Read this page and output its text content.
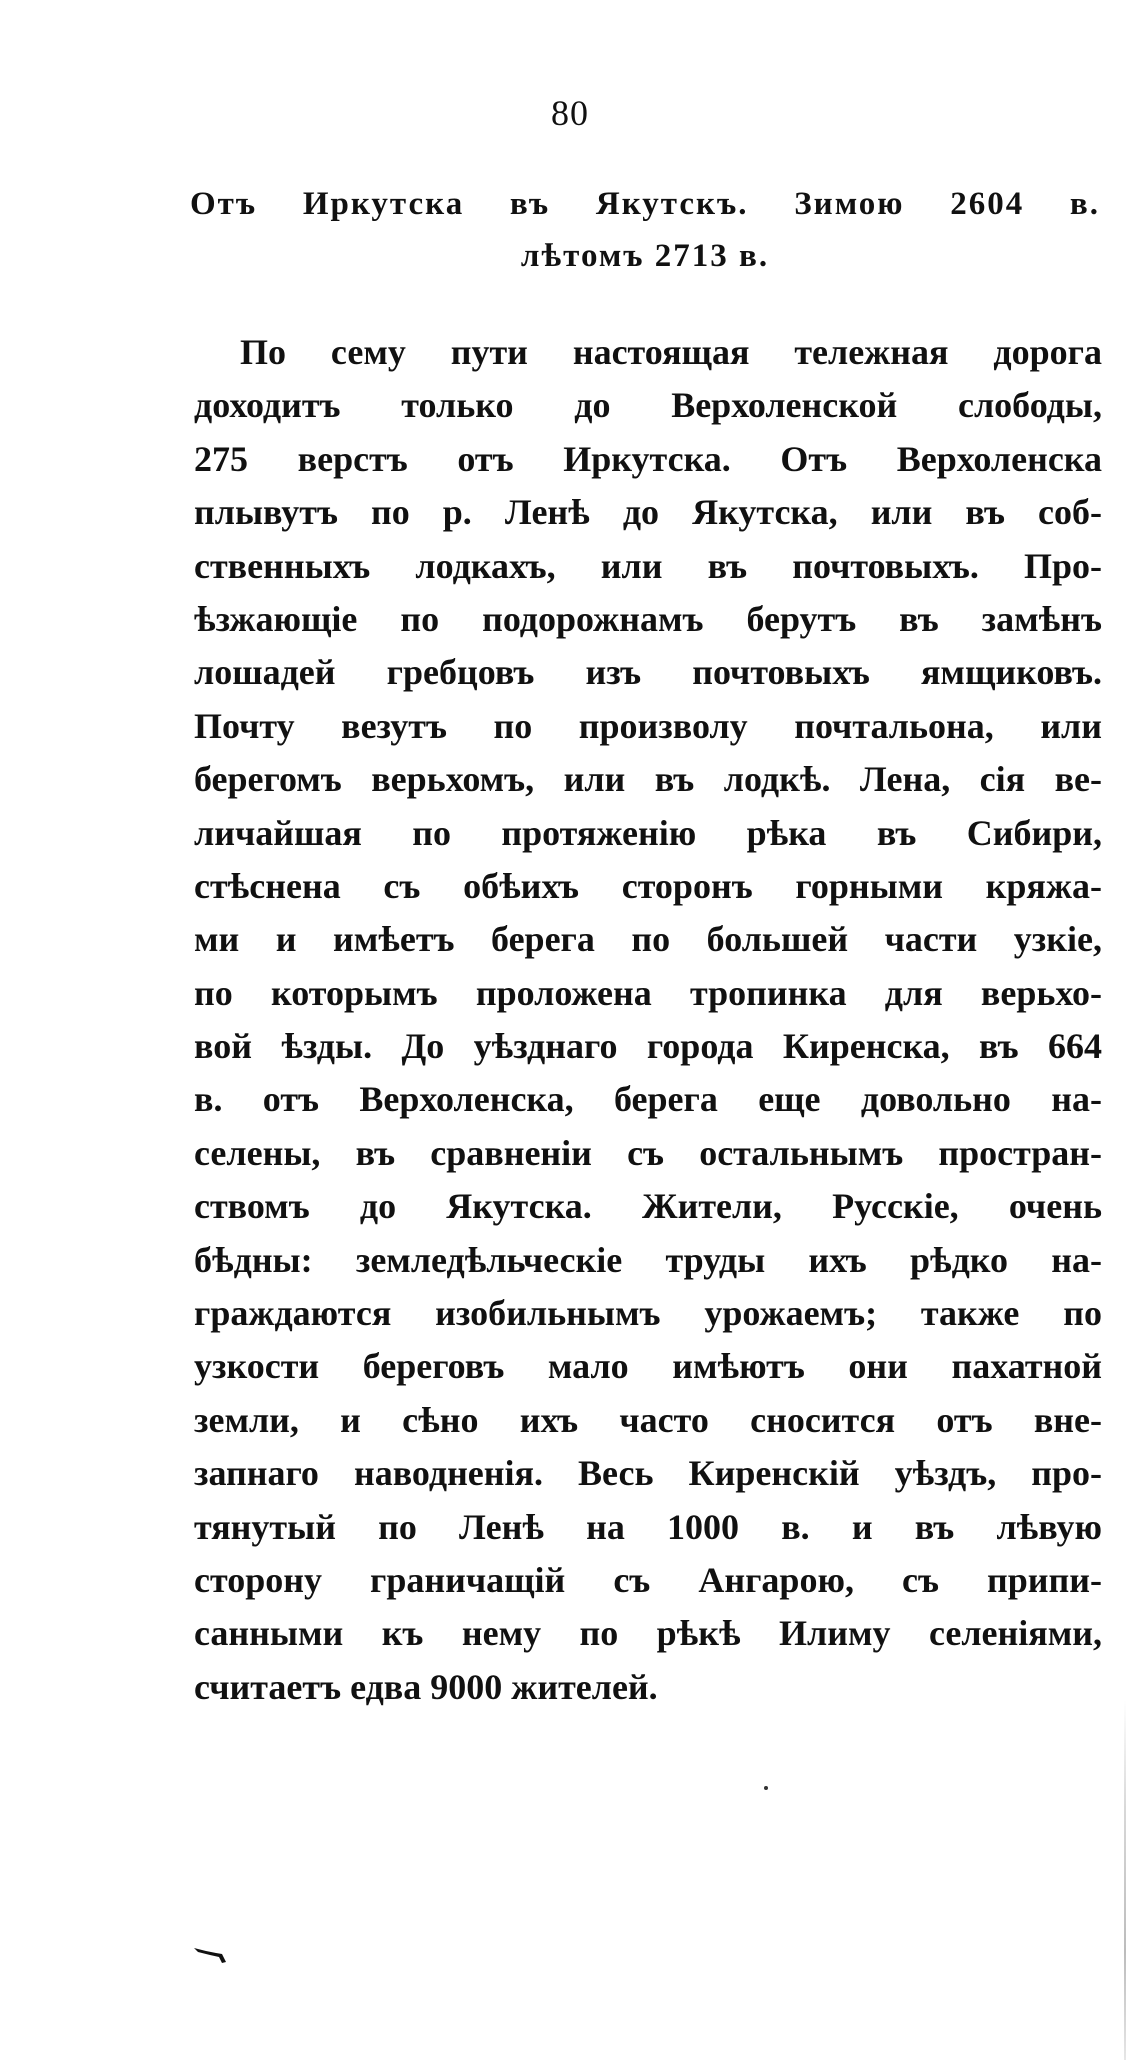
80
Отъ Иркутска въ Якутскъ. Зимою 2604 в.
лѣтомъ 2713 в.
По сему пути настоящая тележная дорога
доходитъ только до Верхоленской слободы,
275 верстъ отъ Иркутска. Отъ Верхоленска
плывутъ по р. Ленѣ до Якутска, или въ соб-
ственныхъ лодкахъ, или въ почтовыхъ. Про-
ѣзжающіе по подорожнамъ берутъ въ замѣнъ
лошадей гребцовъ изъ почтовыхъ ямщиковъ.
Почту везутъ по произволу почтальона, или
берегомъ верьхомъ, или въ лодкѣ. Лена, сія ве-
личайшая по протяженію рѣка въ Сибири,
стѣснена съ обѣихъ сторонъ горными кряжа-
ми и имѣетъ берега по большей части узкіе,
по которымъ проложена тропинка для верьхо-
вой ѣзды. До уѣзднаго города Киренска, въ 664
в. отъ Верхоленска, берега еще довольно на-
селены, въ сравненіи съ остальнымъ простран-
ствомъ до Якутска. Жители, Русскіе, очень
бѣдны: земледѣльческіе труды ихъ рѣдко на-
граждаются изобильнымъ урожаемъ; также по
узкости береговъ мало имѣютъ они пахатной
земли, и сѣно ихъ часто сносится отъ вне-
запнаго наводненія. Весь Киренскій уѣздъ, про-
тянутый по Ленѣ на 1000 в. и въ лѣвую
сторону граничащій съ Ангарою, съ припи-
санными къ нему по рѣкѣ Илиму селеніями,
считаетъ едва 9000 жителей.
